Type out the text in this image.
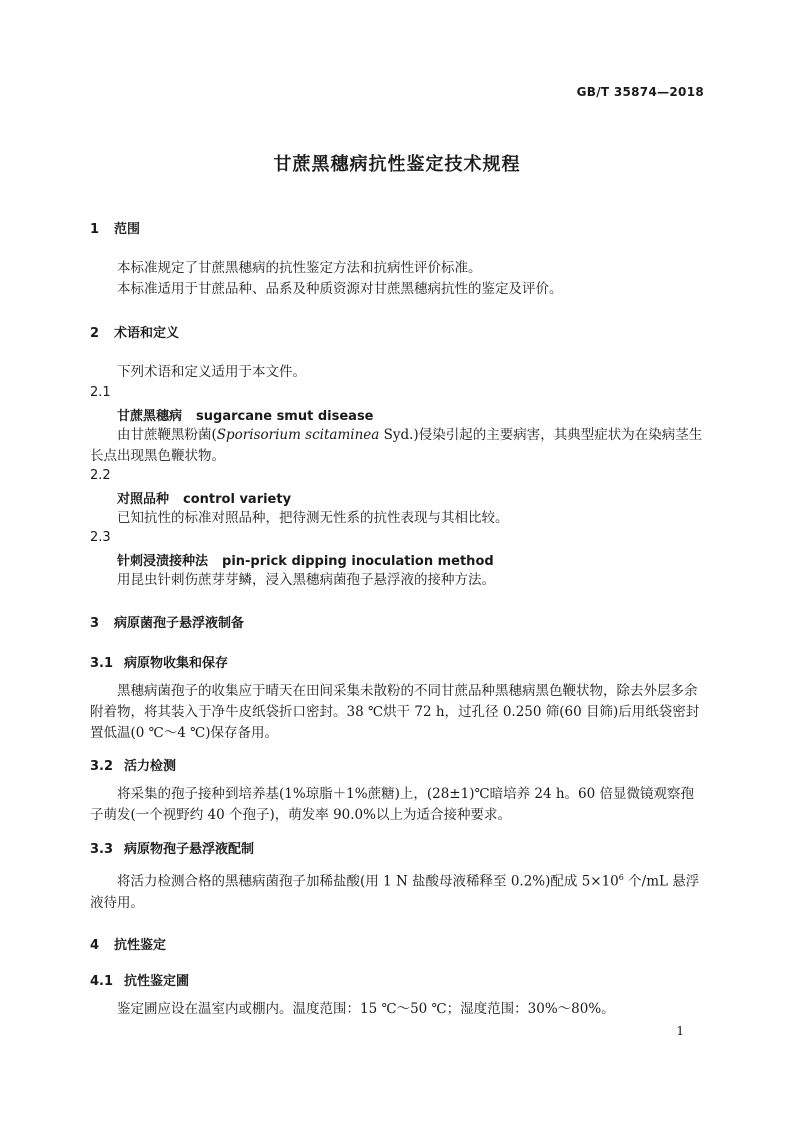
GB/T 35874—2018
甘蔗黑穗病抗性鉴定技术规程
1 范围
本标准规定了甘蔗黑穗病的抗性鉴定方法和抗病性评价标准。
本标准适用于甘蔗品种、品系及种质资源对甘蔗黑穗病抗性的鉴定及评价。
2 术语和定义
下列术语和定义适用于本文件。
2.1
甘蔗黑穗病 sugarcane smut disease
由甘蔗鞭黑粉菌(Sporisorium scitaminea Syd.)侵染引起的主要病害，其典型症状为在染病茎生长点出现黑色鞭状物。
2.2
对照品种 control variety
已知抗性的标准对照品种，把待测无性系的抗性表现与其相比较。
2.3
针刺浸渍接种法 pin-prick dipping inoculation method
用昆虫针刺伤蔗芽芽鳞，浸入黑穗病菌孢子悬浮液的接种方法。
3 病原菌孢子悬浮液制备
3.1 病原物收集和保存
黑穗病菌孢子的收集应于晴天在田间采集未散粉的不同甘蔗品种黑穗病黑色鞭状物，除去外层多余附着物，将其装入于净牛皮纸袋折口密封。38 ℃烘干 72 h，过孔径 0.250 筛(60 目筛)后用纸袋密封置低温(0 ℃～4 ℃)保存备用。
3.2 活力检测
将采集的孢子接种到培养基(1%琼脂＋1%蔗糖)上，(28±1)℃暗培养 24 h。60 倍显微镜观察孢子萌发(一个视野约 40 个孢子)，萌发率 90.0%以上为适合接种要求。
3.3 病原物孢子悬浮液配制
将活力检测合格的黑穗病菌孢子加稀盐酸(用 1 N 盐酸母液稀释至 0.2%)配成 $5\times 10^6$ 个/mL 悬浮液待用。
4 抗性鉴定
4.1 抗性鉴定圃
鉴定圃应设在温室内或棚内。温度范围：15 ℃～50 ℃；湿度范围：30%～80%。
1
